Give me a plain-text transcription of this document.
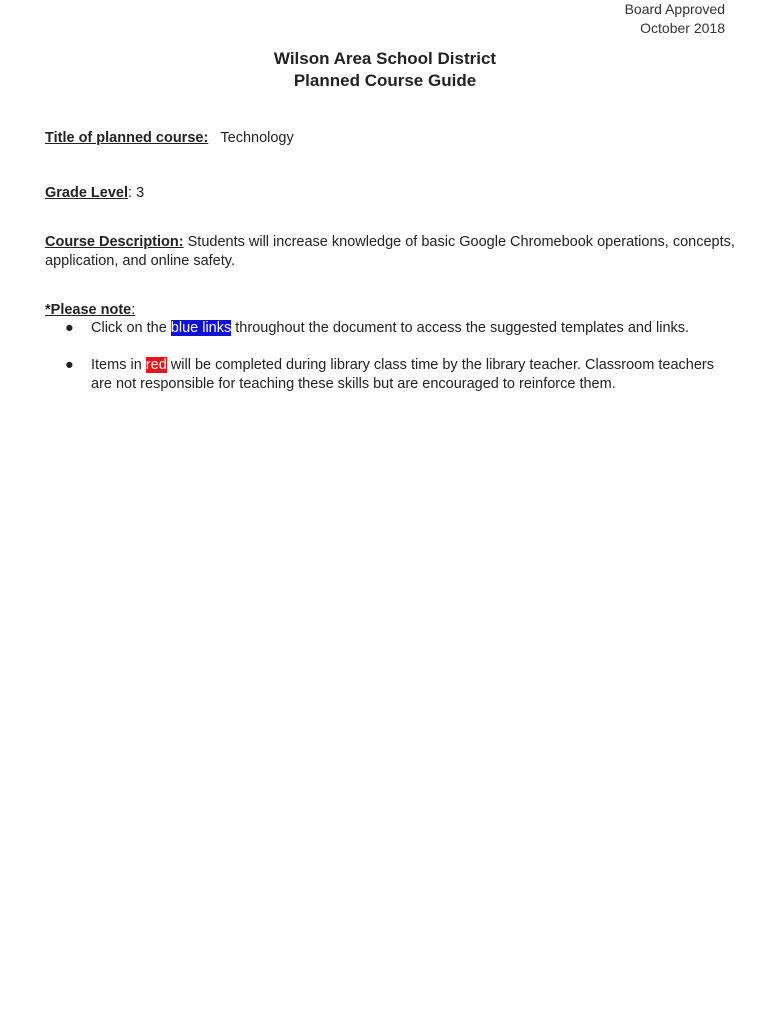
Board Approved
October 2018
Wilson Area School District
Planned Course Guide
Title of planned course: Technology
Grade Level: 3
Course Description: Students will increase knowledge of basic Google Chromebook operations, concepts, application, and online safety.
*Please note:
● Click on the blue links throughout the document to access the suggested templates and links.
● Items in red will be completed during library class time by the library teacher. Classroom teachers are not responsible for teaching these skills but are encouraged to reinforce them.
